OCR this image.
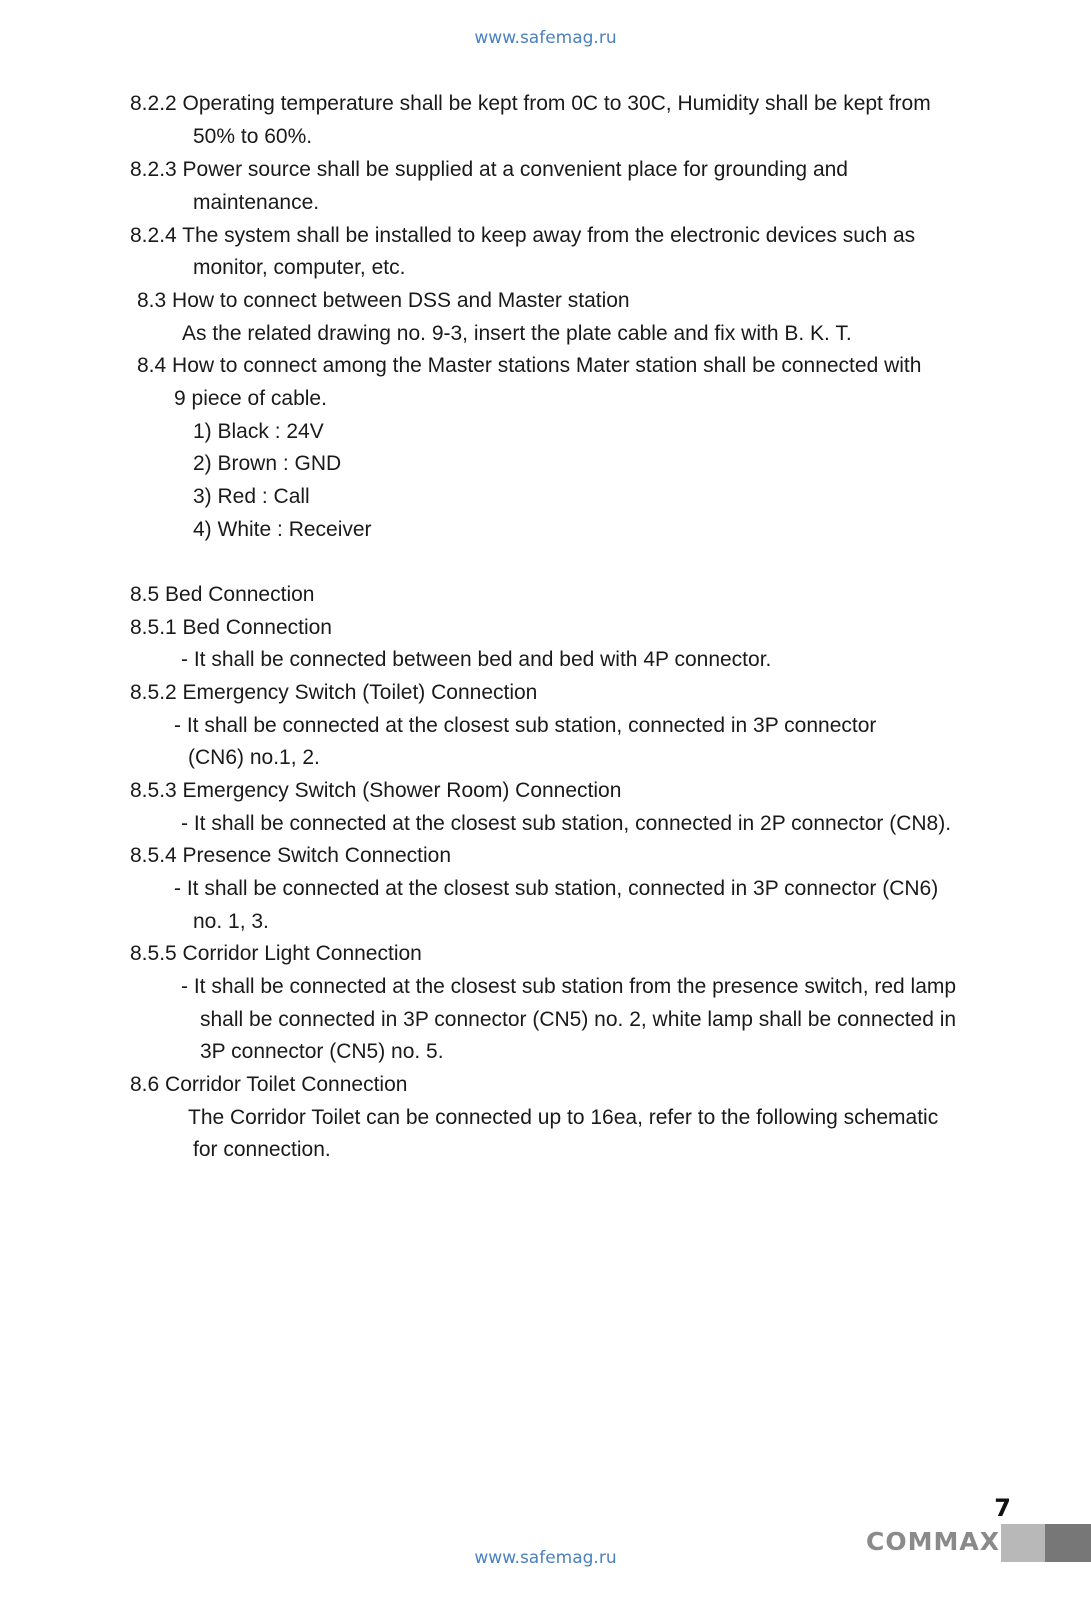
www.safemag.ru
8.2.2 Operating temperature shall be kept from 0C to 30C, Humidity shall be kept from
50% to 60%.
8.2.3 Power source shall be supplied at a convenient place for grounding and
maintenance.
8.2.4 The system shall be installed to keep away from the electronic devices such as
monitor, computer, etc.
8.3 How to connect between DSS and Master station
As the related drawing no. 9-3, insert the plate cable and fix with B. K. T.
8.4 How to connect among the Master stations Mater station shall be connected with
9 piece of cable.
1) Black : 24V
2) Brown : GND
3) Red : Call
4) White : Receiver
8.5 Bed Connection
8.5.1 Bed Connection
- It shall be connected between bed and bed with 4P connector.
8.5.2 Emergency Switch (Toilet) Connection
- It shall be connected at the closest sub station, connected in 3P connector
(CN6) no.1, 2.
8.5.3 Emergency Switch (Shower Room) Connection
- It shall be connected at the closest sub station, connected in 2P connector (CN8).
8.5.4 Presence Switch Connection
- It shall be connected at the closest sub station, connected in 3P connector (CN6)
no. 1, 3.
8.5.5 Corridor Light Connection
- It shall be connected at the closest sub station from the presence switch, red lamp
shall be connected in 3P connector (CN5) no. 2, white lamp shall be connected in
3P connector (CN5) no. 5.
8.6 Corridor Toilet Connection
The Corridor Toilet can be connected up to 16ea, refer to the following schematic
for connection.
7
COMMAX
www.safemag.ru
